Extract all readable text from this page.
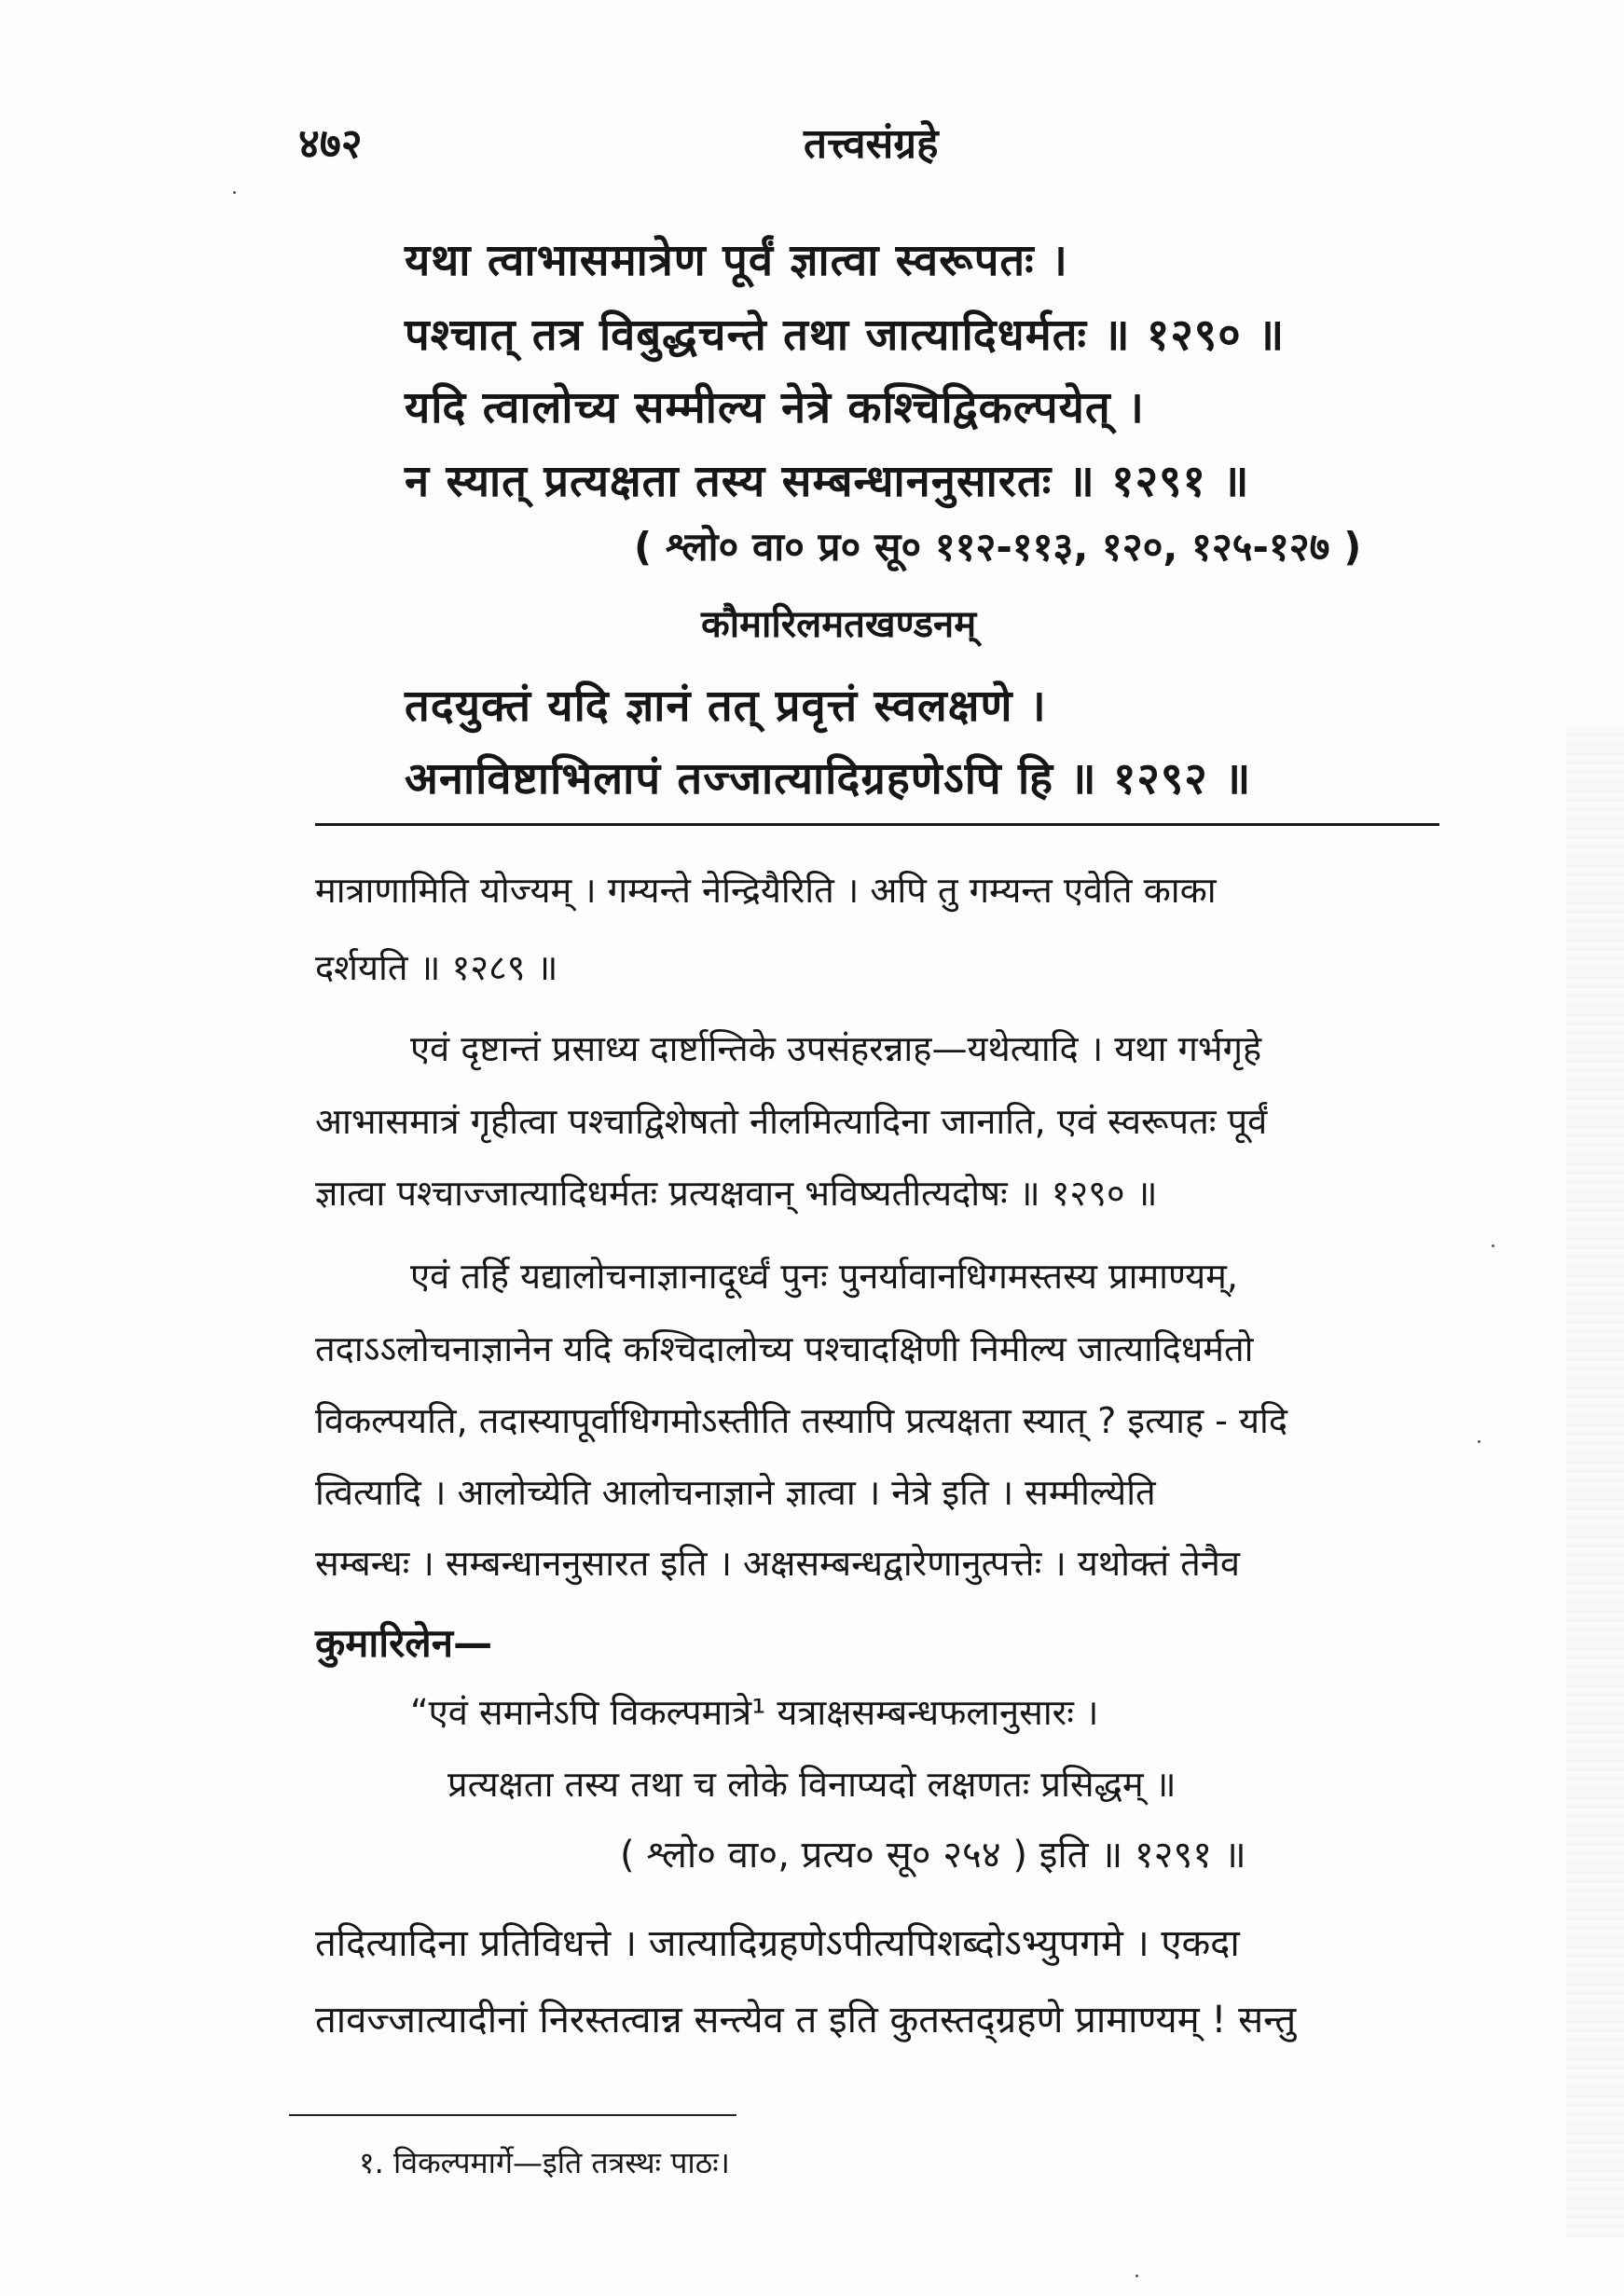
४७२	तत्त्वसंग्रहे
यथा त्वाभासमात्रेण पूर्वं ज्ञात्वा स्वरूपतः ।
पश्चात् तत्र विबुद्धचन्ते तथा जात्यादिधर्मतः ॥ १२९० ॥
यदि त्वालोच्य सम्मील्य नेत्रे कश्चिद्विकल्पयेत् ।
न स्यात् प्रत्यक्षता तस्य सम्बन्धाननुसारतः ॥ १२९१ ॥
( श्लो० वा० प्र० सू० ११२-११३, १२०, १२५-१२७ )
कौमारिलमतखण्डनम्
तदयुक्तं यदि ज्ञानं तत् प्रवृत्तं स्वलक्षणे ।
अनाविष्टाभिलापं तज्जात्यादिग्रहणेऽपि हि ॥ १२९२ ॥
मात्राणामिति योज्यम् । गम्यन्ते नेन्द्रियैरिति । अपि तु गम्यन्त एवेति काका
दर्शयति ॥ १२८९ ॥
एवं दृष्टान्तं प्रसाध्य दार्ष्टान्तिके उपसंहरन्नाह—यथेत्यादि । यथा गर्भगृहे
आभासमात्रं गृहीत्वा पश्चाद्विशेषतो नीलमित्यादिना जानाति, एवं स्वरूपतः पूर्वं
ज्ञात्वा पश्चाज्जात्यादिधर्मतः प्रत्यक्षवान् भविष्यतीत्यदोषः ॥ १२९० ॥
एवं तर्हि यद्यालोचनाज्ञानादूर्ध्वं पुनः पुनर्यावानधिगमस्तस्य प्रामाण्यम्,
तदाऽऽलोचनाज्ञानेन यदि कश्चिदालोच्य पश्चादक्षिणी निमील्य जात्यादिधर्मतो
विकल्पयति, तदास्यापूर्वाधिगमोऽस्तीति तस्यापि प्रत्यक्षता स्यात् ? इत्याह - यदि
त्वित्यादि । आलोच्येति आलोचनाज्ञाने ज्ञात्वा । नेत्रे इति । सम्मील्येति
सम्बन्धः । सम्बन्धाननुसारत इति । अक्षसम्बन्धद्वारेणानुत्पत्तेः । यथोक्तं तेनैव
कुमारिलेन—
“एवं समानेऽपि विकल्पमात्रे¹ यत्राक्षसम्बन्धफलानुसारः ।
प्रत्यक्षता तस्य तथा च लोके विनाप्यदो लक्षणतः प्रसिद्धम् ॥
( श्लो० वा०, प्रत्य० सू० २५४ ) इति ॥ १२९१ ॥
तदित्यादिना प्रतिविधत्ते । जात्यादिग्रहणेऽपीत्यपिशब्दोऽभ्युपगमे । एकदा
तावज्जात्यादीनां निरस्तत्वान्न सन्त्येव त इति कुतस्तद्ग्रहणे प्रामाण्यम् ! सन्तु
१. विकल्पमार्गे—इति तत्रस्थः पाठः।
